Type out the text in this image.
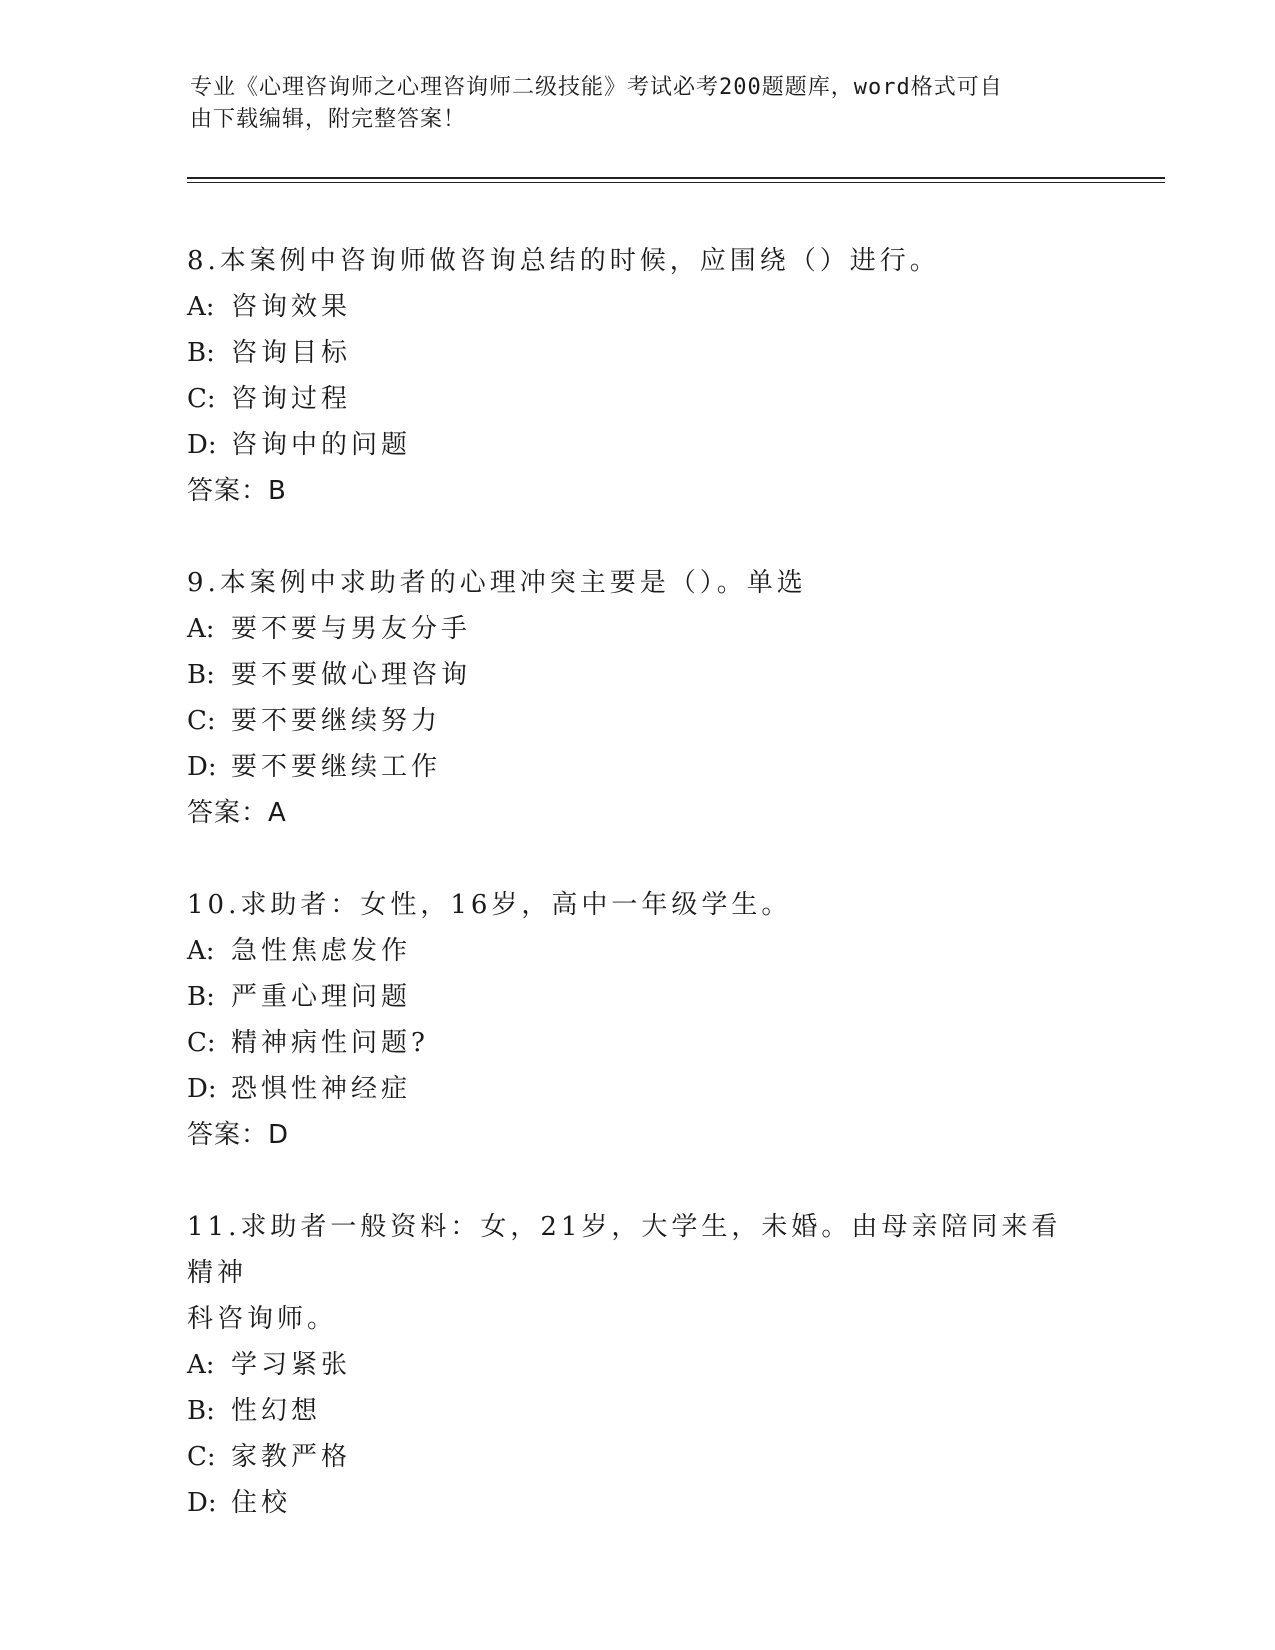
专业《心理咨询师之心理咨询师二级技能》考试必考200题题库，word格式可自
由下载编辑，附完整答案！

8.本案例中咨询师做咨询总结的时候，应围绕（）进行。

A: 咨询效果

B: 咨询目标

C: 咨询过程

D: 咨询中的问题

答案：B

9.本案例中求助者的心理冲突主要是（）。单选

A: 要不要与男友分手

B: 要不要做心理咨询

C: 要不要继续努力

D: 要不要继续工作

答案：A

10.求助者：女性，16岁，高中一年级学生。

A: 急性焦虑发作

B: 严重心理问题

C: 精神病性问题?

D: 恐惧性神经症

答案：D

11.求助者一般资料：女，21岁，大学生，未婚。由母亲陪同来看精神

科咨询师。

A: 学习紧张

B: 性幻想

C: 家教严格

D: 住校
